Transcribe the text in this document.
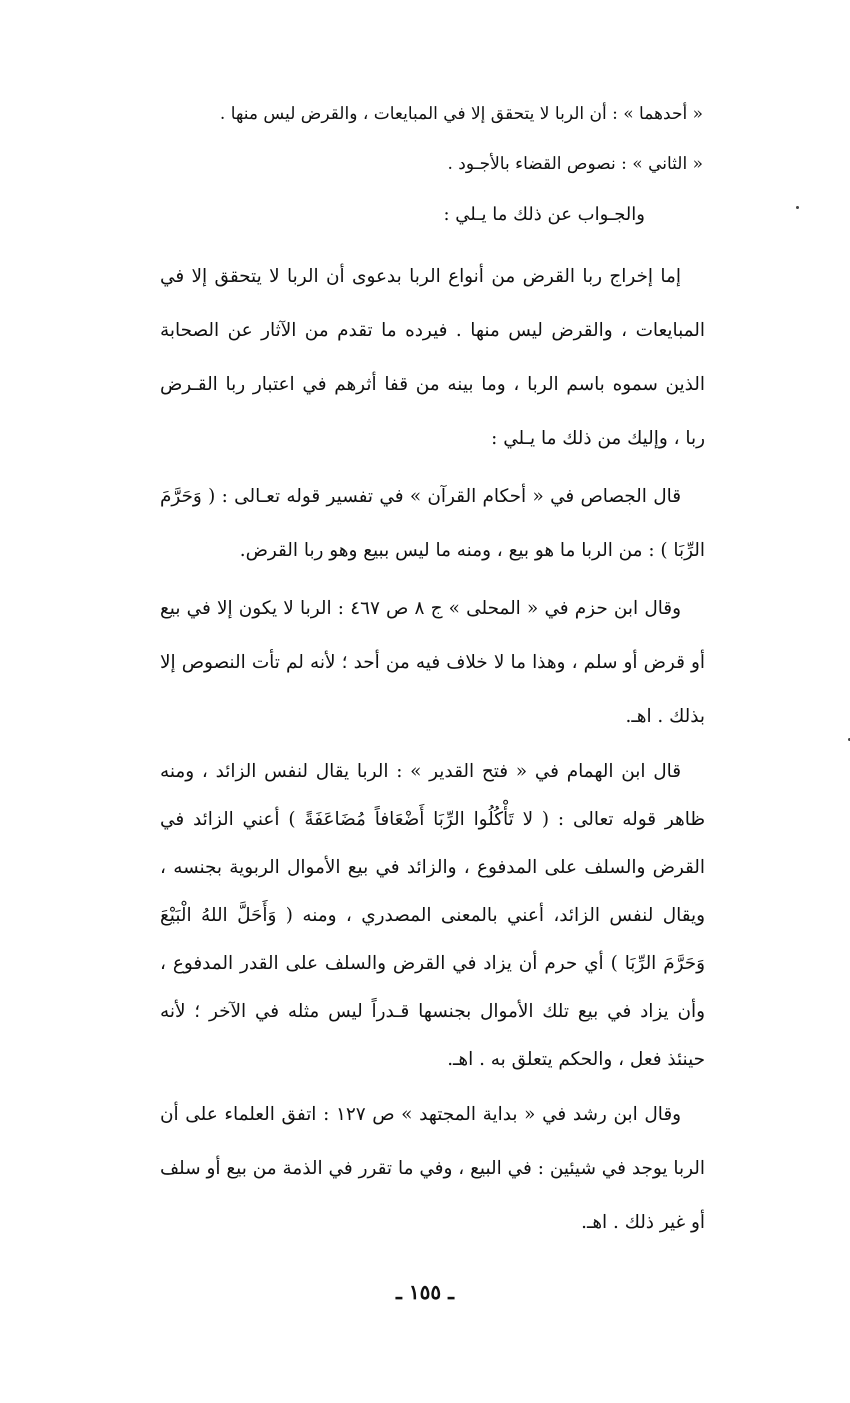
« أحدهما » : أن الربا لا يتحقق إلا في المبايعات ، والقرض ليس منها .

« الثاني » : نصوص القضاء بالأجـود .

والجـواب عن ذلك ما يـلي :

إما إخراج ربا القرض من أنواع الربا بدعوى أن الربا لا يتحقق إلا في المبايعات ، والقرض ليس منها . فيرده ما تقدم من الآثار عن الصحابة الذين سموه باسم الربا ، وما بينه من قفا أثرهم في اعتبار ربا القـرض ربا ، وإليك من ذلك ما يـلي :

قال الجصاص في « أحكام القرآن » في تفسير قوله تعـالى : ( وَحَرَّمَ الرِّبَا ) : من الربا ما هو بيع ، ومنه ما ليس ببيع وهو ربا القرض.

وقال ابن حزم في « المحلى » ج ٨ ص ٤٦٧ : الربا لا يكون إلا في بيع أو قرض أو سلم ، وهذا ما لا خلاف فيه من أحد ؛ لأنه لم تأت النصوص إلا بذلك . اهـ.

قال ابن الهمام في « فتح القدير » : الربا يقال لنفس الزائد ، ومنه ظاهر قوله تعالى : ( لا تَأْكُلُوا الرِّبَا أَضْعَافاً مُضَاعَفَةً ) أعني الزائد في القرض والسلف على المدفوع ، والزائد في بيع الأموال الربوية بجنسه ، ويقال لنفس الزائد، أعني بالمعنى المصدري ، ومنه ( وَأَحَلَّ اللهُ الْبَيْعَ وَحَرَّمَ الرِّبَا ) أي حرم أن يزاد في القرض والسلف على القدر المدفوع ، وأن يزاد في بيع تلك الأموال بجنسها قـدراً ليس مثله في الآخر ؛ لأنه حينئذ فعل ، والحكم يتعلق به . اهـ.

وقال ابن رشد في « بداية المجتهد » ص ١٢٧ : اتفق العلماء على أن الربا يوجد في شيئين : في البيع ، وفي ما تقرر في الذمة من بيع أو سلف أو غير ذلك . اهـ.

ـ ١٥٥ ـ
